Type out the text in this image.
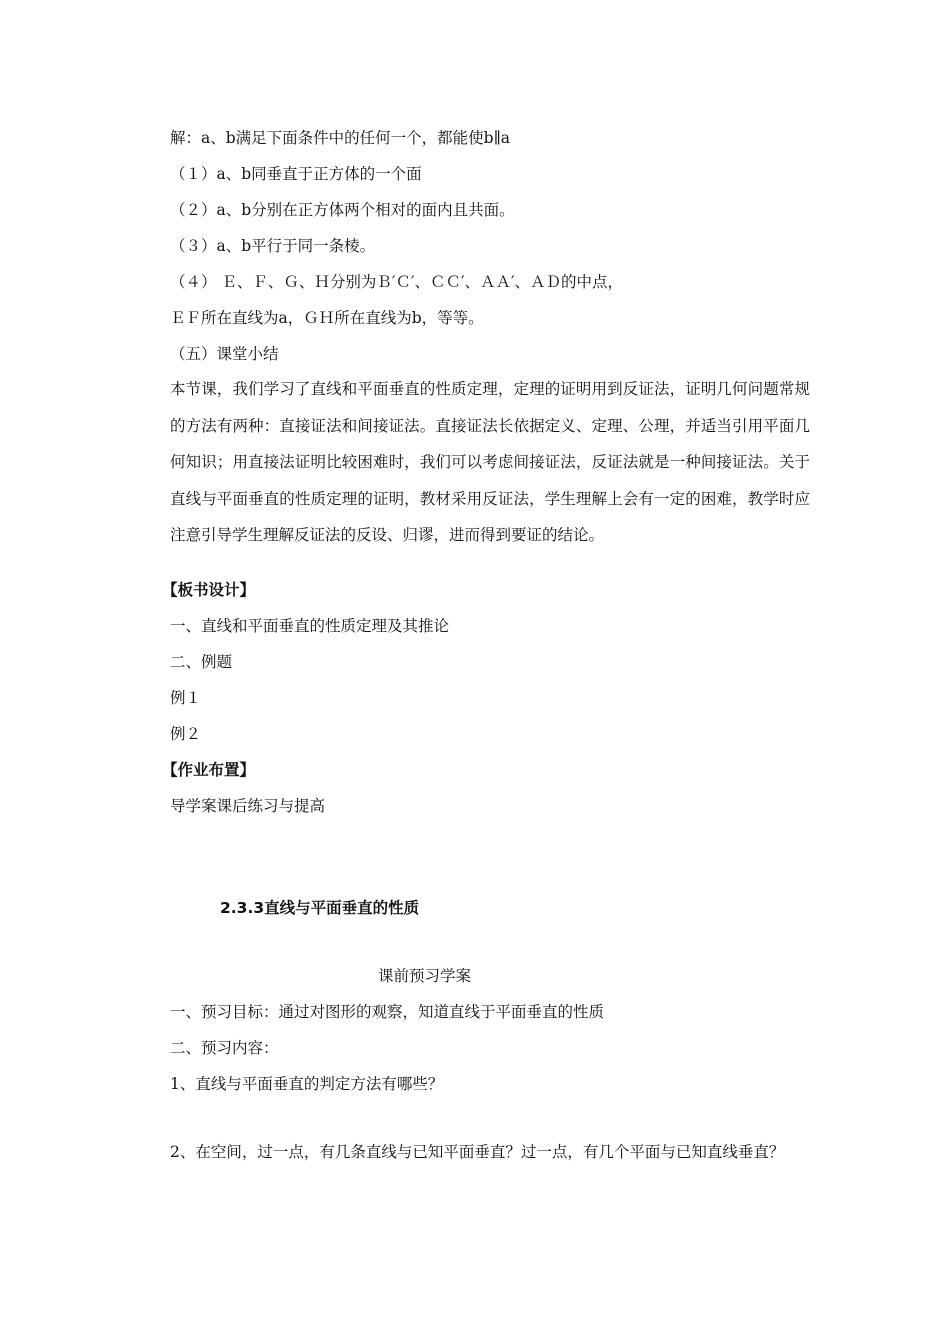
解：a、b满足下面条件中的任何一个，都能使b∥a
（１）a、b同垂直于正方体的一个面
（２）a、b分别在正方体两个相对的面内且共面。
（３）a、b平行于同一条棱。
（４） Ｅ、Ｆ、Ｇ、Ｈ分别为Ｂ′Ｃ′、ＣＣ′、ＡＡ′、ＡＤ的中点，
ＥＦ所在直线为a，ＧＨ所在直线为b，等等。
（五）课堂小结
本节课，我们学习了直线和平面垂直的性质定理，定理的证明用到反证法，证明几何问题常规的方法有两种：直接证法和间接证法。直接证法长依据定义、定理、公理，并适当引用平面几何知识；用直接法证明比较困难时，我们可以考虑间接证法，反证法就是一种间接证法。关于直线与平面垂直的性质定理的证明，教材采用反证法，学生理解上会有一定的困难，教学时应注意引导学生理解反证法的反设、归谬，进而得到要证的结论。
【板书设计】
一、直线和平面垂直的性质定理及其推论
二、例题
例１
例２
【作业布置】
导学案课后练习与提高
2.3.3直线与平面垂直的性质
课前预习学案
一、预习目标：通过对图形的观察，知道直线于平面垂直的性质
二、预习内容：
1、直线与平面垂直的判定方法有哪些？
2、在空间，过一点，有几条直线与已知平面垂直？过一点，有几个平面与已知直线垂直？
